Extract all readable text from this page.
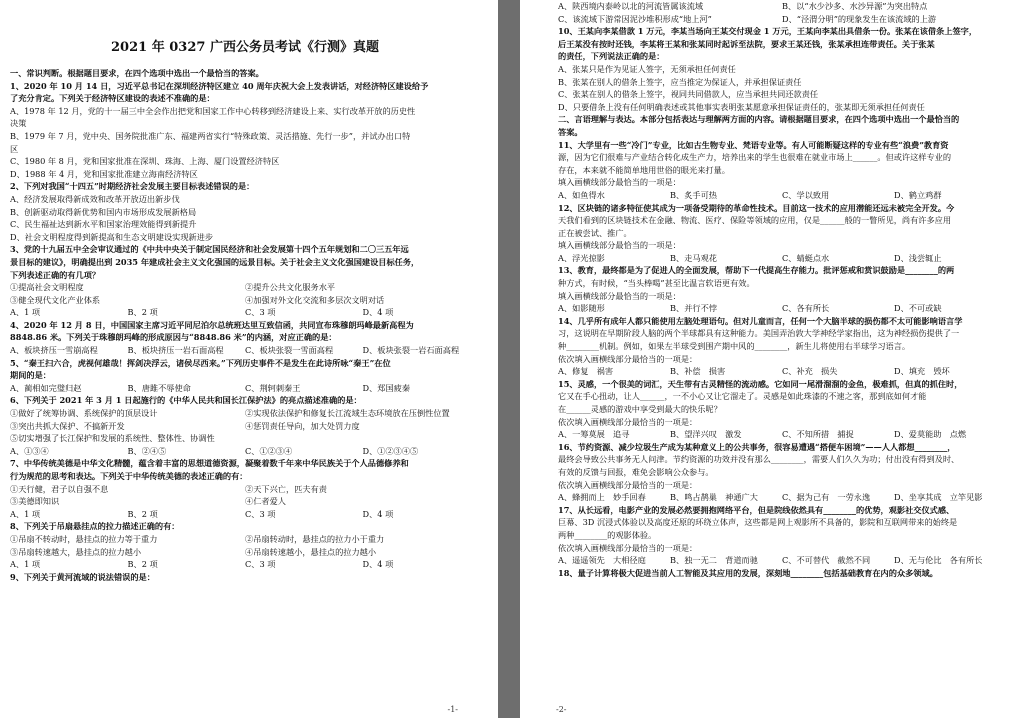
2021 年 0327 广西公务员考试《行测》真题
一、常识判断。根据题目要求，在四个选项中选出一个最恰当的答案。
1、2020 年 10 月 14 日，习近平总书记在深圳经济特区建立 40 周年庆祝大会上发表讲话，对经济特区建设给予
了充分肯定。下列关于经济特区建设的表述不准确的是：
A、1978 年 12 月，党的十一届三中全会作出把党和国家工作中心转移到经济建设上来、实行改革开放的历史性
决策
B、1979 年 7 月，党中央、国务院批准广东、福建两省实行“特殊政策、灵活措施、先行一步”，并试办出口特
区
C、1980 年 8 月，党和国家批准在深圳、珠海、上海、厦门设置经济特区
D、1988 年 4 月，党和国家批准建立海南经济特区
2、下列对我国“十四五”时期经济社会发展主要目标表述错误的是：
A、经济发展取得新成效和改革开放迈出新步伐
B、创新驱动取得新优势和国内市场形成发展新格局
C、民生福祉达到新水平和国家治理效能得到新提升
D、社会文明程度得到新提高和生态文明建设实现新进步
3、党的十九届五中全会审议通过的《中共中央关于制定国民经济和社会发展第十四个五年规划和二〇三五年远
景目标的建议》，明确提出到 2035 年建成社会主义文化强国的远景目标。关于社会主义文化强国建设目标任务，
下列表述正确的有几项？
①提高社会文明程度	②提升公共文化服务水平
③健全现代文化产业体系	④加强对外文化交流和多层次文明对话
A、1 项	B、2 项	C、3 项	D、4 项
4、2020 年 12 月 8 日，中国国家主席习近平同尼泊尔总统班达里互致信函，共同宣布珠穆朗玛峰最新高程为
8848.86 米。下列关于珠穆朗玛峰的形成原因与“8848.86 米”的内涵，对应正确的是：
A、板块挤压一雪崩高程	B、板块挤压一岩石面高程	C、板块张裂一雪面高程	D、板块张裂一岩石面高程
5、“秦王扫六合，虎视何雄哉！挥剑决浮云，诸侯尽西来。”下列历史事件不是发生在此诗所咏“秦王”在位
期间的是：
A、蔺相如完璧归赵	B、唐雎不辱使命	C、荆轲刺秦王	D、郑国疲秦
6、下列关于 2021 年 3 月 1 日起施行的《中华人民共和国长江保护法》的亮点描述准确的是：
①做好了统筹协调、系统保护的顶层设计	②实现依法保护和修复长江流域生态环境放在压倒性位置
③突出共抓大保护、不搞新开发	④惩罚责任导向，加大处罚力度
⑤切实增强了长江保护和发展的系统性、整体性、协调性
A、①③④	B、②④⑤	C、①②③④	D、①②③④⑤
7、中华传统美德是中华文化精髓，蕴含着丰富的思想道德资源，凝聚着数千年来中华民族关于个人品德修养和
行为规范的思考和表达。下列关于中华传统美德的表述正确的有：
①天行健，君子以自强不息	②天下兴亡，匹夫有责
③美德即知识	④仁者爱人
A、1 项	B、2 项	C、3 项	D、4 项
8、下列关于吊扇悬挂点的拉力描述正确的有：
①吊扇不转动时，悬挂点的拉力等于重力	②吊扇转动时，悬挂点的拉力小于重力
③吊扇转速越大，悬挂点的拉力越小	④吊扇转速越小，悬挂点的拉力越小
A、1 项	B、2 项	C、3 项	D、4 项
9、下列关于黄河流域的说法错误的是：
-1-
A、陕西境内泰岭以北的河流皆属该流域	B、以“水少沙多、水沙异源”为突出特点
C、该流域下游常因泥沙堆积形成“地上河”	D、“泾渭分明”的现象发生在该流域的上游
10、王某向李某借款 1 万元，李某当场向王某交付现金 1 万元，王某向李某出具借条一份。张某在该借条上签字，
后王某没有按时还钱，李某将王某和张某同时起诉至法院，要求王某还钱，张某承担连带责任。关于张某
的责任，下列说法正确的是：
A、张某只是作为见证人签字，无须承担任何责任
B、张某在别人的借条上签字，应当推定为保证人，并承担保证责任
C、张某在别人的借条上签字，视同共同借款人，应当承担共同还款责任
D、只要借条上没有任何明确表述或其他事实表明张某愿意承担保证责任的，张某即无须承担任何责任
二、言语理解与表达。本部分包括表达与理解两方面的内容。请根据题目要求，在四个选项中选出一个最恰当的
答案。
11、大学里有一些“冷门”专业，比如古生物专业、梵语专业等。有人可能断疑这样的专业有些“浪费”教育资
源，因为它们很难与产业结合转化成生产力，培养出来的学生也很难在就业市场上______。但或许这样专业的
存在，本来就不能简单地用世俗的眼光来打量。
填入画横线部分最恰当的一项是：
A、如鱼得水	B、炙手可热	C、学以致用	D、鹤立鸡群
12、区块链的诸多特征使其成为一项备受期待的革命性技术。目前这一技术的应用潜能还远未被完全开发。今
天我们看到的区块链技术在金融、物流、医疗、保险等领域的应用，仅是______般的一瞥所见，尚有许多应用
正在被尝试、推广。
填入画横线部分最恰当的一项是：
A、浮光掠影	B、走马观花	C、蜻蜓点水	D、浅尝辄止
13、教育，最终都是为了促进人的全面发展，帮助下一代提高生存能力。批评惩戒和赏识鼓励是________的两
种方式，有时候，“当头棒喝”甚至比温言软语更有效。
填入画横线部分最恰当的一项是：
A、如影随形	B、并行不悖	C、各有所长	D、不可或缺
14、几乎所有成年人都只能使用左脑处理语句。但对儿童而言，任何一个大脑半球的损伤都不太可能影响语言学
习，这说明在早期阶段人脑的两个半球都具有这种能力。美国弄治敦大学神经学家指出，这为神经损伤提供了一
种________机制。例如，如果左半球受到围产期中风的________，新生儿将使用右半球学习语言。
依次填入画横线部分最恰当的一项是：
A、修复　祸害	B、补偿　损害	C、补充　损失	D、填充　毁坏
15、灵感，一个很美的词汇，天生带有古灵精怪的流动感。它如同一尾滑溜溜的金鱼，极难抓，但真的抓住时，
它又在手心扭动，让人______，一不小心又让它溜走了。灵感是如此珠漆的不速之客，那到底如何才能
在______灵感的游戏中享受到最大的快乐呢？
依次填入画横线部分最恰当的一项是：
A、一筹莫展　追寻	B、望洋兴叹　激发	C、不知所措　捕捉	D、爱莫能助　点燃
16、节约资源、减少垃圾生产成为某种意义上的公共事务，很容易遭遇“搭便车困境”——人人都想________，
最终会导致公共事务无人问津。节约资源的功效并没有那么________，需要人们久久为功；付出没有得到及时、
有效的反馈与回报，难免会影响公众参与。
依次填入画横线部分最恰当的一项是：
A、蜂拥而上　妙手回春	B、鸣占鹊巢　神通广大	C、据为己有　一劳永逸	D、坐享其成　立竿见影
17、从长远看，电影产业的发展必然要拥抱网络平台，但是院线依然具有________的优势，观影社交仪式感、
巨幕、3D 沉浸式体验以及高度还原的环绕立体声，这些都是网上观影所不具备的，影院和互联网带来的始终是
两种________的观影体验。
依次填入画横线部分最恰当的一项是：
A、遥遥领先　大相径庭	B、独一无二　背道而驰	C、不可替代　截然不同	D、无与伦比　各有所长
18、量子计算将极大促进当前人工智能及其应用的发展，深刻地________包括基础教育在内的众多领域。
-2-
